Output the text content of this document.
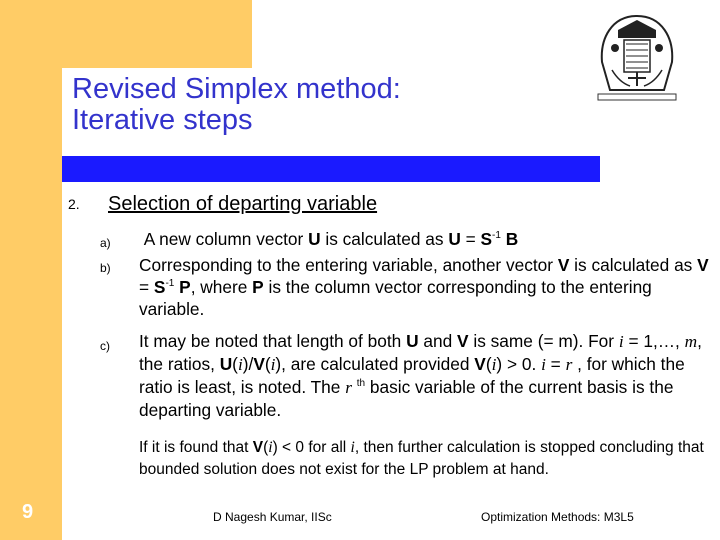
Revised Simplex method:
Iterative steps
2. Selection of departing variable
a) A new column vector U is calculated as $U = S^{-1}$ B
b) Corresponding to the entering variable, another vector V is calculated as $V = S^{-1}$ P, where P is the column vector corresponding to the entering variable.
c) It may be noted that length of both U and V is same (= m). For i = 1,…, m, the ratios, U(i)/V(i), are calculated provided V(i) > 0. i = r , for which the ratio is least, is noted. The r $^{th}$ basic variable of the current basis is the departing variable.
If it is found that V(i) < 0 for all i, then further calculation is stopped concluding that bounded solution does not exist for the LP problem at hand.
9	D Nagesh Kumar, IISc	Optimization Methods: M3L5
